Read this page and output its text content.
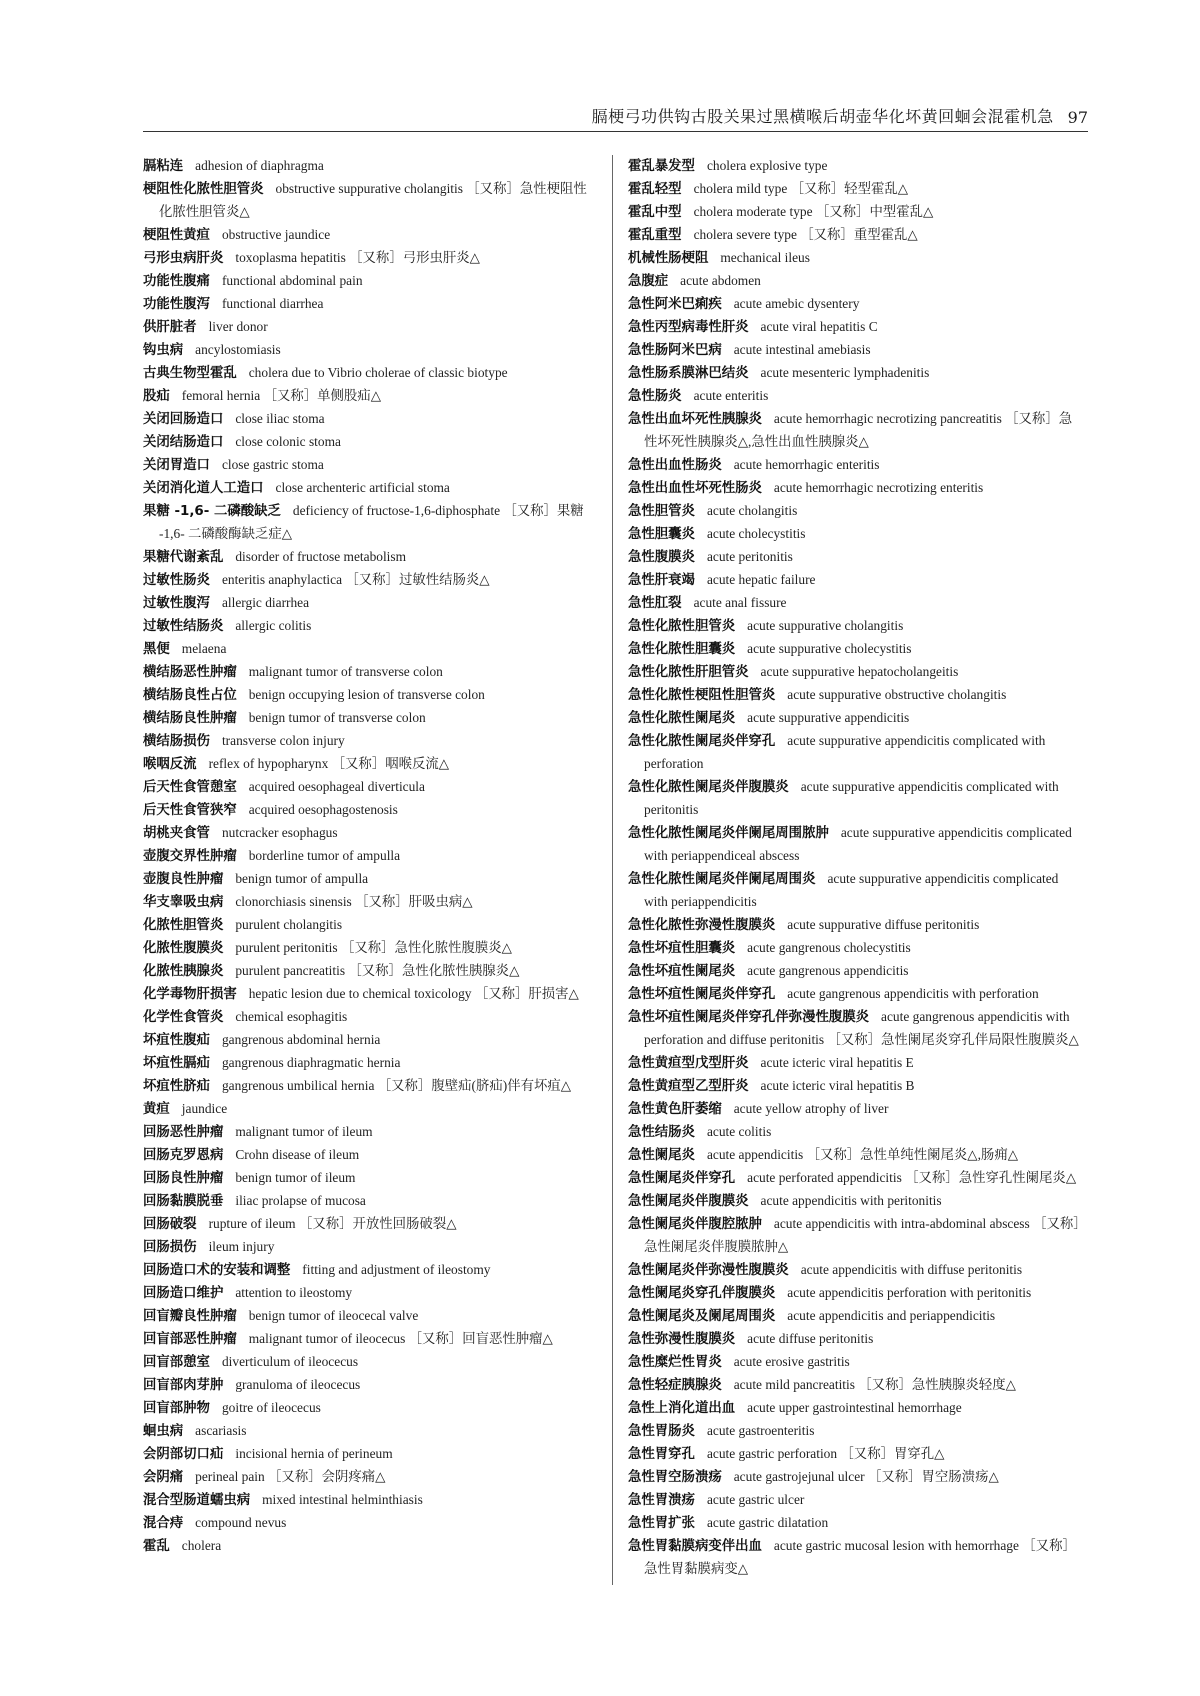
膈梗弓功供钩古股关果过黑横喉后胡壶华化坏黄回蛔会混霍机急 97
膈粘连 adhesion of diaphragma
梗阻性化脓性胆管炎 obstructive suppurative cholangitis ［又称］急性梗阻性化脓性胆管炎△
梗阻性黄疸 obstructive jaundice
弓形虫病肝炎 toxoplasma hepatitis ［又称］弓形虫肝炎△
功能性腹痛 functional abdominal pain
功能性腹泻 functional diarrhea
供肝脏者 liver donor
钩虫病 ancylostomiasis
古典生物型霍乱 cholera due to Vibrio cholerae of classic biotype
股疝 femoral hernia ［又称］单侧股疝△
关闭回肠造口 close iliac stoma
关闭结肠造口 close colonic stoma
关闭胃造口 close gastric stoma
关闭消化道人工造口 close archenteric artificial stoma
果糖 -1,6- 二磷酸缺乏 deficiency of fructose-1,6-diphosphate ［又称］果糖 -1,6- 二磷酸酶缺乏症△
果糖代谢紊乱 disorder of fructose metabolism
过敏性肠炎 enteritis anaphylactica ［又称］过敏性结肠炎△
过敏性腹泻 allergic diarrhea
过敏性结肠炎 allergic colitis
黑便 melaena
横结肠恶性肿瘤 malignant tumor of transverse colon
横结肠良性占位 benign occupying lesion of transverse colon
横结肠良性肿瘤 benign tumor of transverse colon
横结肠损伤 transverse colon injury
喉咽反流 reflex of hypopharynx ［又称］咽喉反流△
后天性食管憩室 acquired oesophageal diverticula
后天性食管狭窄 acquired oesophagostenosis
胡桃夹食管 nutcracker esophagus
壶腹交界性肿瘤 borderline tumor of ampulla
壶腹良性肿瘤 benign tumor of ampulla
华支睾吸虫病 clonorchiasis sinensis ［又称］肝吸虫病△
化脓性胆管炎 purulent cholangitis
化脓性腹膜炎 purulent peritonitis ［又称］急性化脓性腹膜炎△
化脓性胰腺炎 purulent pancreatitis ［又称］急性化脓性胰腺炎△
化学毒物肝损害 hepatic lesion due to chemical toxicology ［又称］肝损害△
化学性食管炎 chemical esophagitis
坏疽性腹疝 gangrenous abdominal hernia
坏疽性膈疝 gangrenous diaphragmatic hernia
坏疽性脐疝 gangrenous umbilical hernia ［又称］腹壁疝(脐疝)伴有坏疽△
黄疸 jaundice
回肠恶性肿瘤 malignant tumor of ileum
回肠克罗恩病 Crohn disease of ileum
回肠良性肿瘤 benign tumor of ileum
回肠黏膜脱垂 iliac prolapse of mucosa
回肠破裂 rupture of ileum ［又称］开放性回肠破裂△
回肠损伤 ileum injury
回肠造口术的安装和调整 fitting and adjustment of ileostomy
回肠造口维护 attention to ileostomy
回盲瓣良性肿瘤 benign tumor of ileocecal valve
回盲部恶性肿瘤 malignant tumor of ileocecus ［又称］回盲恶性肿瘤△
回盲部憩室 diverticulum of ileocecus
回盲部肉芽肿 granuloma of ileocecus
回盲部肿物 goitre of ileocecus
蛔虫病 ascariasis
会阴部切口疝 incisional hernia of perineum
会阴痛 perineal pain ［又称］会阴疼痛△
混合型肠道蠕虫病 mixed intestinal helminthiasis
混合痔 compound nevus
霍乱 cholera
霍乱暴发型 cholera explosive type
霍乱轻型 cholera mild type ［又称］轻型霍乱△
霍乱中型 cholera moderate type ［又称］中型霍乱△
霍乱重型 cholera severe type ［又称］重型霍乱△
机械性肠梗阻 mechanical ileus
急腹症 acute abdomen
急性阿米巴痢疾 acute amebic dysentery
急性丙型病毒性肝炎 acute viral hepatitis C
急性肠阿米巴病 acute intestinal amebiasis
急性肠系膜淋巴结炎 acute mesenteric lymphadenitis
急性肠炎 acute enteritis
急性出血坏死性胰腺炎 acute hemorrhagic necrotizing pancreatitis ［又称］急性坏死性胰腺炎△,急性出血性胰腺炎△
急性出血性肠炎 acute hemorrhagic enteritis
急性出血性坏死性肠炎 acute hemorrhagic necrotizing enteritis
急性胆管炎 acute cholangitis
急性胆囊炎 acute cholecystitis
急性腹膜炎 acute peritonitis
急性肝衰竭 acute hepatic failure
急性肛裂 acute anal fissure
急性化脓性胆管炎 acute suppurative cholangitis
急性化脓性胆囊炎 acute suppurative cholecystitis
急性化脓性肝胆管炎 acute suppurative hepatocholangeitis
急性化脓性梗阻性胆管炎 acute suppurative obstructive cholangitis
急性化脓性阑尾炎 acute suppurative appendicitis
急性化脓性阑尾炎伴穿孔 acute suppurative appendicitis complicated with perforation
急性化脓性阑尾炎伴腹膜炎 acute suppurative appendicitis complicated with peritonitis
急性化脓性阑尾炎伴阑尾周围脓肿 acute suppurative appendicitis complicated with periappendiceal abscess
急性化脓性阑尾炎伴阑尾周围炎 acute suppurative appendicitis complicated with periappendicitis
急性化脓性弥漫性腹膜炎 acute suppurative diffuse peritonitis
急性坏疽性胆囊炎 acute gangrenous cholecystitis
急性坏疽性阑尾炎 acute gangrenous appendicitis
急性坏疽性阑尾炎伴穿孔 acute gangrenous appendicitis with perforation
急性坏疽性阑尾炎伴穿孔伴弥漫性腹膜炎 acute gangrenous appendicitis with perforation and diffuse peritonitis ［又称］急性阑尾炎穿孔伴局限性腹膜炎△
急性黄疸型戊型肝炎 acute icteric viral hepatitis E
急性黄疸型乙型肝炎 acute icteric viral hepatitis B
急性黄色肝萎缩 acute yellow atrophy of liver
急性结肠炎 acute colitis
急性阑尾炎 acute appendicitis ［又称］急性单纯性阑尾炎△,肠痈△
急性阑尾炎伴穿孔 acute perforated appendicitis ［又称］急性穿孔性阑尾炎△
急性阑尾炎伴腹膜炎 acute appendicitis with peritonitis
急性阑尾炎伴腹腔脓肿 acute appendicitis with intra-abdominal abscess ［又称］急性阑尾炎伴腹膜脓肿△
急性阑尾炎伴弥漫性腹膜炎 acute appendicitis with diffuse peritonitis
急性阑尾炎穿孔伴腹膜炎 acute appendicitis perforation with peritonitis
急性阑尾炎及阑尾周围炎 acute appendicitis and periappendicitis
急性弥漫性腹膜炎 acute diffuse peritonitis
急性糜烂性胃炎 acute erosive gastritis
急性轻症胰腺炎 acute mild pancreatitis ［又称］急性胰腺炎轻度△
急性上消化道出血 acute upper gastrointestinal hemorrhage
急性胃肠炎 acute gastroenteritis
急性胃穿孔 acute gastric perforation ［又称］胃穿孔△
急性胃空肠溃疡 acute gastrojejunal ulcer ［又称］胃空肠溃疡△
急性胃溃疡 acute gastric ulcer
急性胃扩张 acute gastric dilatation
急性胃黏膜病变伴出血 acute gastric mucosal lesion with hemorrhage ［又称］急性胃黏膜病变△
